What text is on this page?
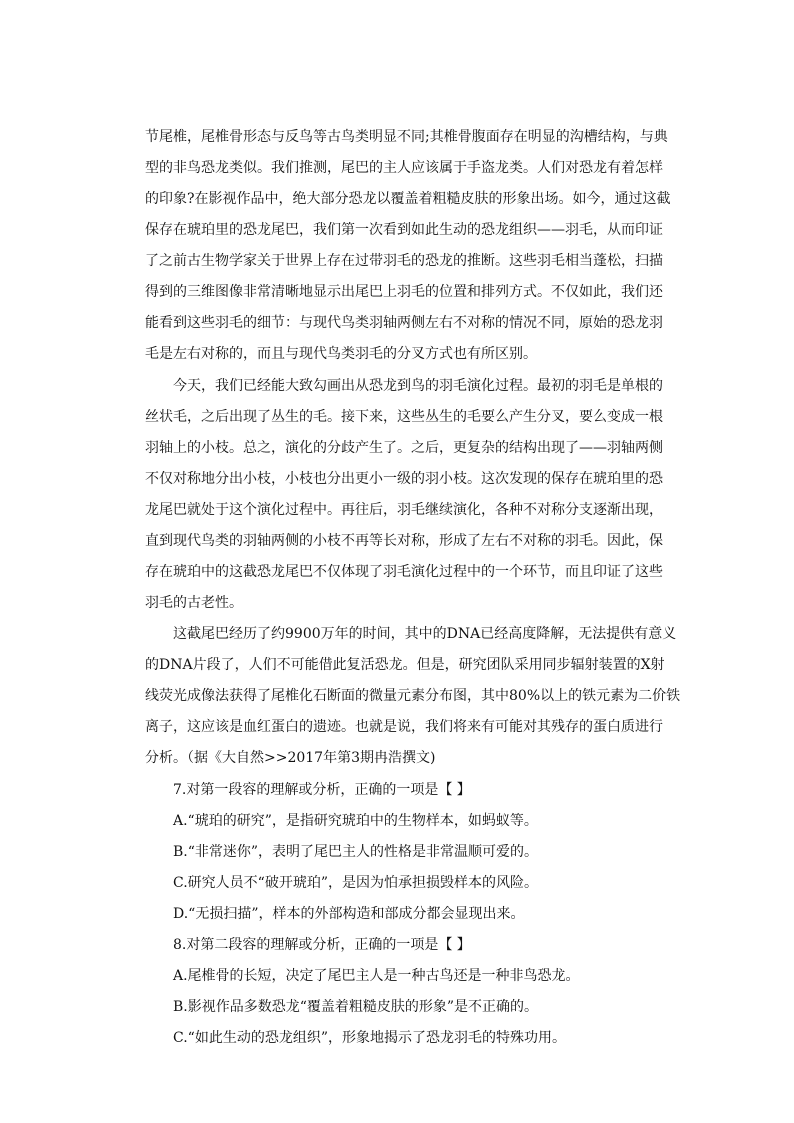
节尾椎，尾椎骨形态与反鸟等古鸟类明显不同;其椎骨腹面存在明显的沟槽结构，与典
型的非鸟恐龙类似。我们推测，尾巴的主人应该属于手盗龙类。人们对恐龙有着怎样
的印象?在影视作品中，绝大部分恐龙以覆盖着粗糙皮肤的形象出场。如今，通过这截
保存在琥珀里的恐龙尾巴，我们第一次看到如此生动的恐龙组织——羽毛，从而印证
了之前古生物学家关于世界上存在过带羽毛的恐龙的推断。这些羽毛相当蓬松，扫描
得到的三维图像非常清晰地显示出尾巴上羽毛的位置和排列方式。不仅如此，我们还
能看到这些羽毛的细节：与现代鸟类羽轴两侧左右不对称的情况不同，原始的恐龙羽
毛是左右对称的，而且与现代鸟类羽毛的分叉方式也有所区别。
今天，我们已经能大致勾画出从恐龙到鸟的羽毛演化过程。最初的羽毛是单根的
丝状毛，之后出现了丛生的毛。接下来，这些丛生的毛要么产生分叉，要么变成一根
羽轴上的小枝。总之，演化的分歧产生了。之后，更复杂的结构出现了——羽轴两侧
不仅对称地分出小枝，小枝也分出更小一级的羽小枝。这次发现的保存在琥珀里的恐
龙尾巴就处于这个演化过程中。再往后，羽毛继续演化，各种不对称分支逐渐出现，
直到现代鸟类的羽轴两侧的小枝不再等长对称，形成了左右不对称的羽毛。因此，保
存在琥珀中的这截恐龙尾巴不仅体现了羽毛演化过程中的一个环节，而且印证了这些
羽毛的古老性。
这截尾巴经历了约9900万年的时间，其中的DNA已经高度降解，无法提供有意义
的DNA片段了，人们不可能借此复活恐龙。但是，研究团队采用同步辐射装置的X射
线荧光成像法获得了尾椎化石断面的微量元素分布图，其中80%以上的铁元素为二价铁
离子，这应该是血红蛋白的遗迹。也就是说，我们将来有可能对其残存的蛋白质进行
分析。（据《大自然>>2017年第3期冉浩撰文)
7.对第一段容的理解或分析，正确的一项是【 】
A.“琥珀的研究”，是指研究琥珀中的生物样本，如蚂蚁等。
B.“非常迷你”，表明了尾巴主人的性格是非常温顺可爱的。
C.研究人员不“破开琥珀”，是因为怕承担损毁样本的风险。
D.“无损扫描”，样本的外部构造和部成分都会显现出来。
8.对第二段容的理解或分析，正确的一项是【 】
A.尾椎骨的长短，决定了尾巴主人是一种古鸟还是一种非鸟恐龙。
B.影视作品多数恐龙“覆盖着粗糙皮肤的形象”是不正确的。
C.“如此生动的恐龙组织”，形象地揭示了恐龙羽毛的特殊功用。
